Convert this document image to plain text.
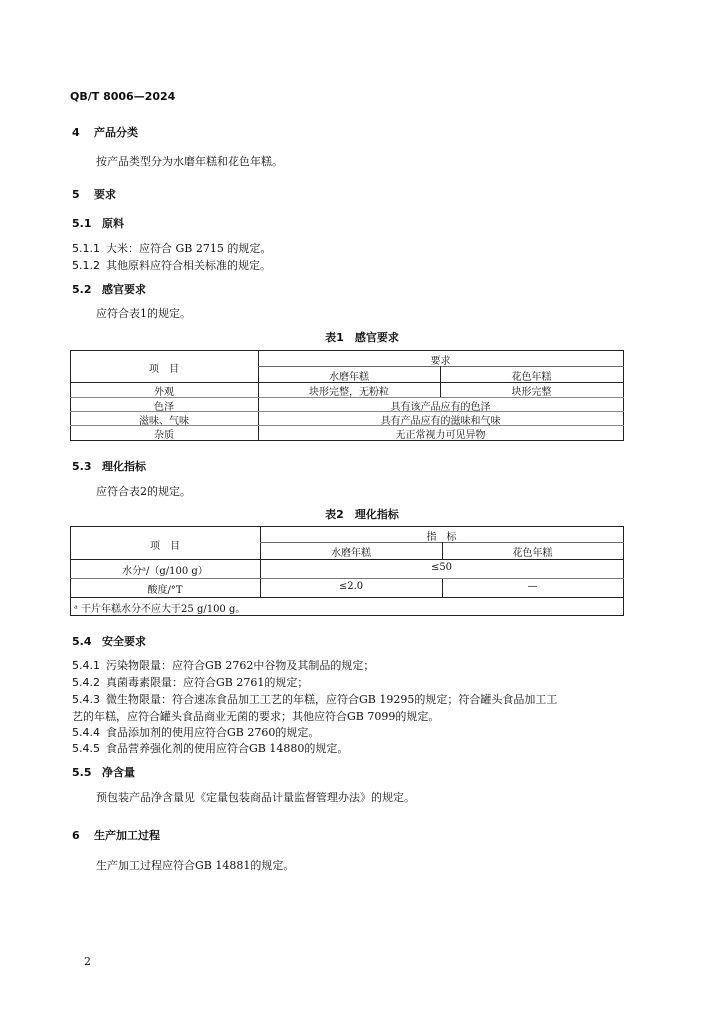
QB/T 8006—2024
4 产品分类
按产品类型分为水磨年糕和花色年糕。
5 要求
5.1 原料
5.1.1 大米：应符合 GB 2715 的规定。
5.1.2 其他原料应符合相关标准的规定。
5.2 感官要求
应符合表1的规定。
表1　感官要求
项　目
要求
水磨年糕	花色年糕
外观	块形完整，无粉粒	块形完整
色泽	具有该产品应有的色泽
滋味、气味	具有产品应有的滋味和气味
杂质	无正常视力可见异物
5.3 理化指标
应符合表2的规定。
表2　理化指标
项　目
指　标
水磨年糕	花色年糕
水分ᵃ/（g/100 g）	≤50
酸度/°T	≤2.0	—
ᵃ 干片年糕水分不应大于25 g/100 g。
5.4 安全要求
5.4.1 污染物限量：应符合GB 2762中谷物及其制品的规定；
5.4.2 真菌毒素限量：应符合GB 2761的规定；
5.4.3 微生物限量：符合速冻食品加工工艺的年糕，应符合GB 19295的规定；符合罐头食品加工工
艺的年糕，应符合罐头食品商业无菌的要求；其他应符合GB 7099的规定。
5.4.4 食品添加剂的使用应符合GB 2760的规定。
5.4.5 食品营养强化剂的使用应符合GB 14880的规定。
5.5 净含量
预包装产品净含量见《定量包装商品计量监督管理办法》的规定。
6 生产加工过程
生产加工过程应符合GB 14881的规定。
2
